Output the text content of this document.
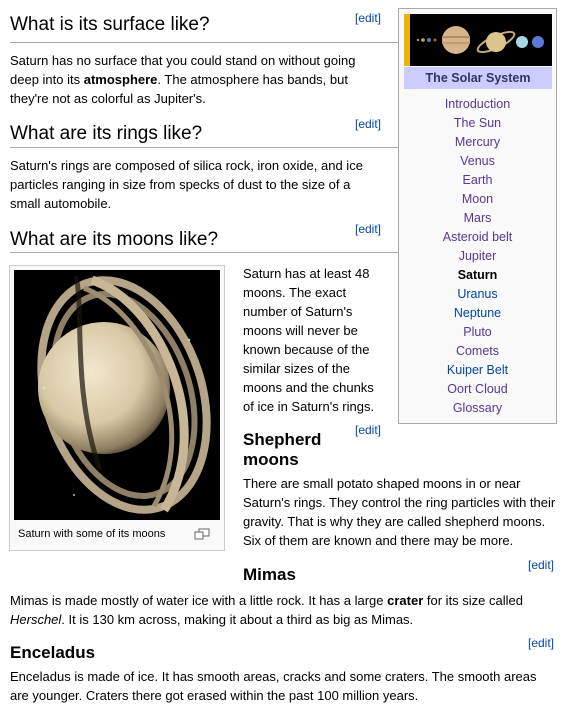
What is its surface like?	[edit]
Saturn has no surface that you could stand on without going
deep into its atmosphere. The atmosphere has bands, but
they're not as colorful as Jupiter's.
What are its rings like?	[edit]
Saturn's rings are composed of silica rock, iron oxide, and ice
particles ranging in size from specks of dust to the size of a
small automobile.
What are its moons like?	[edit]
Saturn with some of its moons
Saturn has at least 48
moons. The exact
number of Saturn's
moons will never be
known because of the
similar sizes of the
moons and the chunks
of ice in Saturn's rings.
Shepherd
moons
[edit]
There are small potato shaped moons in or near
Saturn's rings. They control the ring particles with their
gravity. That is why they are called shepherd moons.
Six of them are known and there may be more.
Mimas	[edit]
Mimas is made mostly of water ice with a little rock. It has a large crater for its size called
Herschel. It is 130 km across, making it about a third as big as Mimas.
Enceladus	[edit]
Enceladus is made of ice. It has smooth areas, cracks and some craters. The smooth areas
are younger. Craters there got erased within the past 100 million years.
The Solar System
Introduction
The Sun
Mercury
Venus
Earth
Moon
Mars
Asteroid belt
Jupiter
Saturn
Uranus
Neptune
Pluto
Comets
Kuiper Belt
Oort Cloud
Glossary
